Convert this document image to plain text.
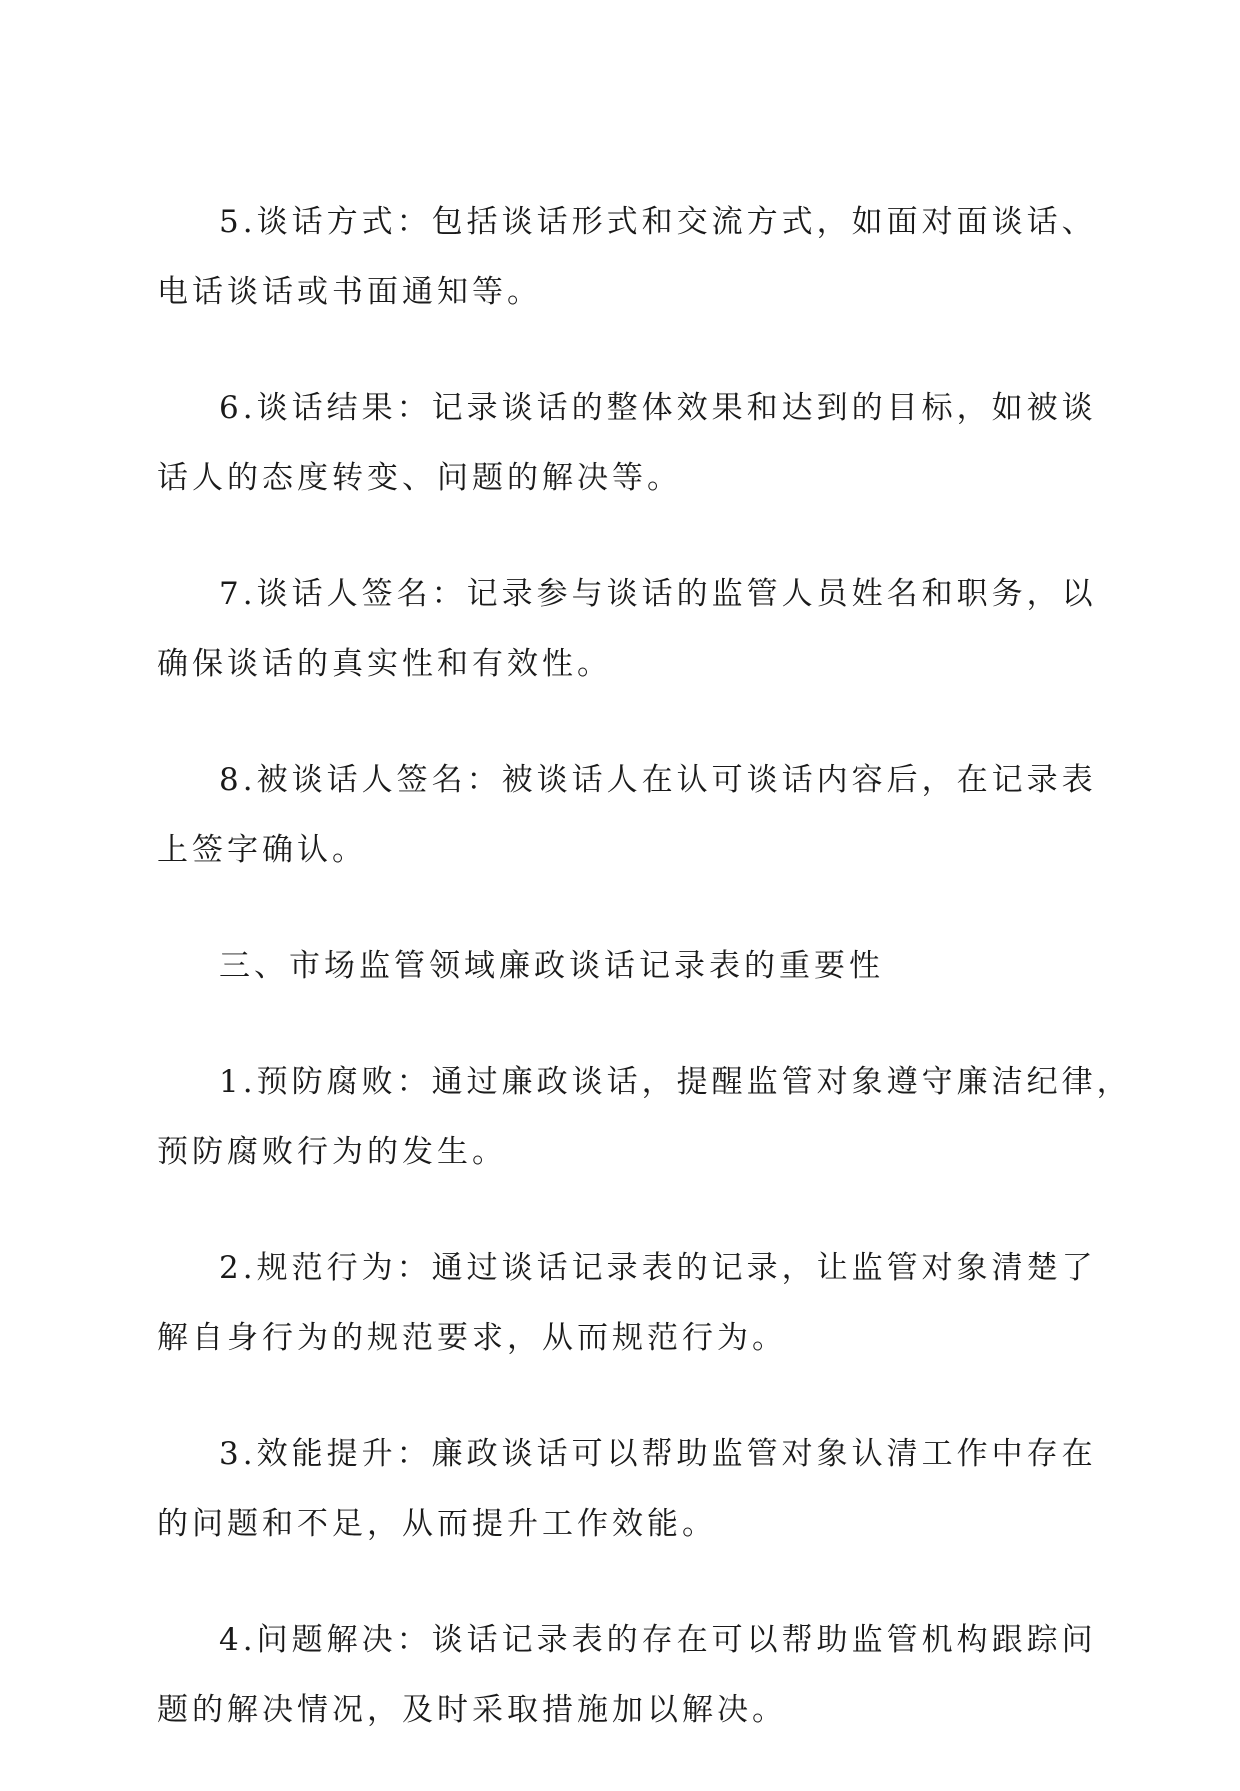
5.谈话方式：包括谈话形式和交流方式，如面对面谈话、
电话谈话或书面通知等。

6.谈话结果：记录谈话的整体效果和达到的目标，如被谈
话人的态度转变、问题的解决等。

7.谈话人签名：记录参与谈话的监管人员姓名和职务，以
确保谈话的真实性和有效性。

8.被谈话人签名：被谈话人在认可谈话内容后，在记录表
上签字确认。

三、市场监管领域廉政谈话记录表的重要性

1.预防腐败：通过廉政谈话，提醒监管对象遵守廉洁纪律，
预防腐败行为的发生。

2.规范行为：通过谈话记录表的记录，让监管对象清楚了
解自身行为的规范要求，从而规范行为。

3.效能提升：廉政谈话可以帮助监管对象认清工作中存在
的问题和不足，从而提升工作效能。

4.问题解决：谈话记录表的存在可以帮助监管机构跟踪问
题的解决情况，及时采取措施加以解决。
